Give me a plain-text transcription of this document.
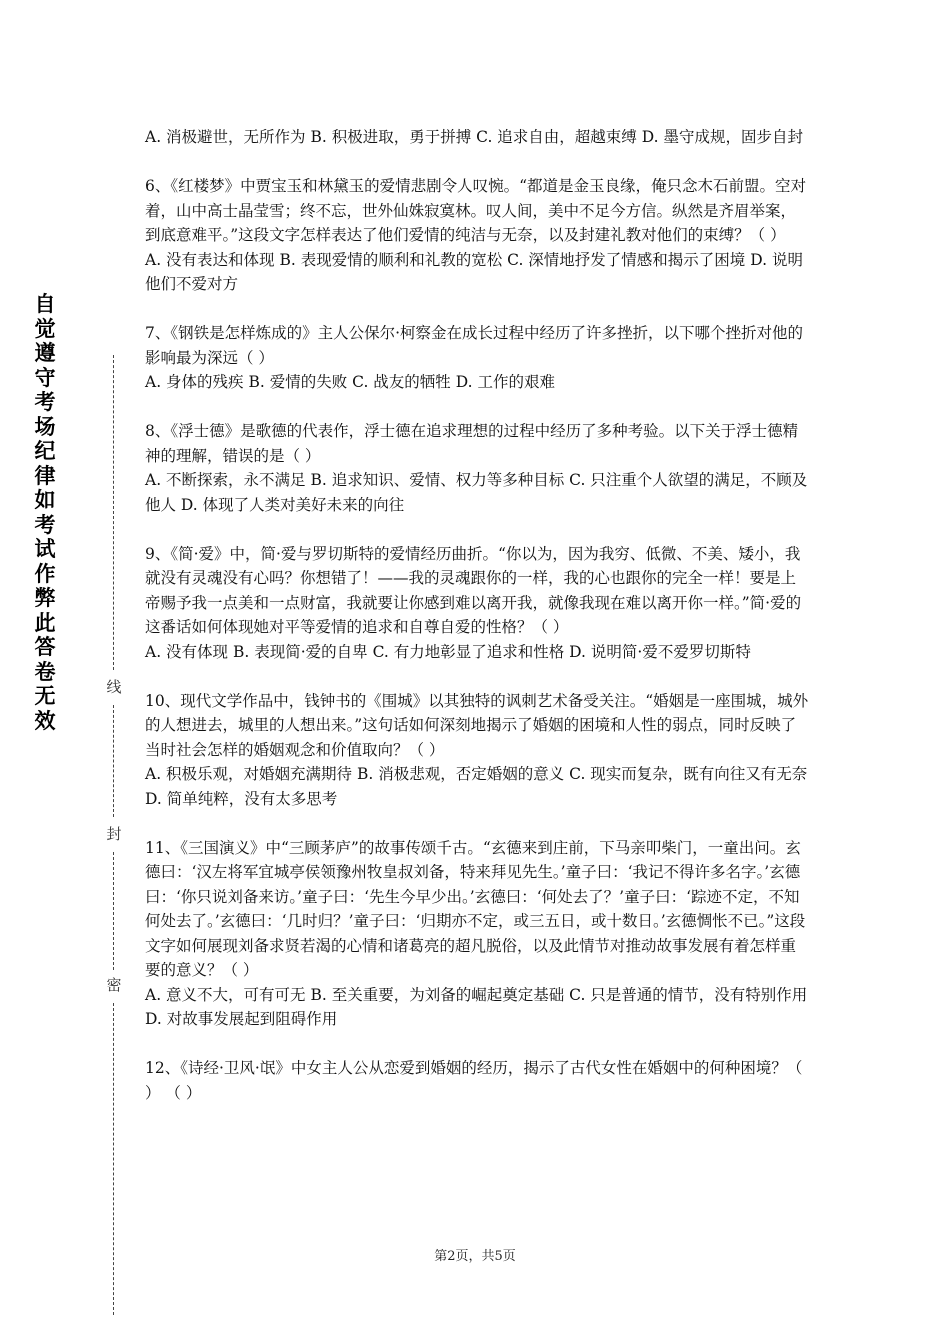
自觉遵守考场纪律如考试作弊此答卷无效
线
封
密

A. 消极避世，无所作为 B. 积极进取，勇于拼搏 C. 追求自由，超越束缚 D. 墨守成规，固步自封

6、《红楼梦》中贾宝玉和林黛玉的爱情悲剧令人叹惋。“都道是金玉良缘，俺只念木石前盟。空对着，山中高士晶莹雪；终不忘，世外仙姝寂寞林。叹人间，美中不足今方信。纵然是齐眉举案，到底意难平。”这段文字怎样表达了他们爱情的纯洁与无奈，以及封建礼教对他们的束缚？（ ）

A. 没有表达和体现 B. 表现爱情的顺利和礼教的宽松 C. 深情地抒发了情感和揭示了困境 D. 说明他们不爱对方

7、《钢铁是怎样炼成的》主人公保尔·柯察金在成长过程中经历了许多挫折，以下哪个挫折对他的影响最为深远（ ）

A. 身体的残疾 B. 爱情的失败 C. 战友的牺牲 D. 工作的艰难

8、《浮士德》是歌德的代表作，浮士德在追求理想的过程中经历了多种考验。以下关于浮士德精神的理解，错误的是（ ）

A. 不断探索，永不满足 B. 追求知识、爱情、权力等多种目标 C. 只注重个人欲望的满足，不顾及他人 D. 体现了人类对美好未来的向往

9、《简·爱》中，简·爱与罗切斯特的爱情经历曲折。“你以为，因为我穷、低微、不美、矮小，我就没有灵魂没有心吗？你想错了！——我的灵魂跟你的一样，我的心也跟你的完全一样！要是上帝赐予我一点美和一点财富，我就要让你感到难以离开我，就像我现在难以离开你一样。”简·爱的这番话如何体现她对平等爱情的追求和自尊自爱的性格？（ ）

A. 没有体现 B. 表现简·爱的自卑 C. 有力地彰显了追求和性格 D. 说明简·爱不爱罗切斯特

10、现代文学作品中，钱钟书的《围城》以其独特的讽刺艺术备受关注。“婚姻是一座围城，城外的人想进去，城里的人想出来。”这句话如何深刻地揭示了婚姻的困境和人性的弱点，同时反映了当时社会怎样的婚姻观念和价值取向？（ ）

A. 积极乐观，对婚姻充满期待 B. 消极悲观，否定婚姻的意义 C. 现实而复杂，既有向往又有无奈 D. 简单纯粹，没有太多思考

11、《三国演义》中“三顾茅庐”的故事传颂千古。“玄德来到庄前，下马亲叩柴门，一童出问。玄德曰：‘汉左将军宜城亭侯领豫州牧皇叔刘备，特来拜见先生。’童子曰：‘我记不得许多名字。’玄德曰：‘你只说刘备来访。’童子曰：‘先生今早少出。’玄德曰：‘何处去了？’童子曰：‘踪迹不定，不知何处去了。’玄德曰：‘几时归？’童子曰：‘归期亦不定，或三五日，或十数日。’玄德惆怅不已。”这段文字如何展现刘备求贤若渴的心情和诸葛亮的超凡脱俗，以及此情节对推动故事发展有着怎样重要的意义？（ ）

A. 意义不大，可有可无 B. 至关重要，为刘备的崛起奠定基础 C. 只是普通的情节，没有特别作用 D. 对故事发展起到阻碍作用

12、《诗经·卫风·氓》中女主人公从恋爱到婚姻的经历，揭示了古代女性在婚姻中的何种困境？（ ） （ ）

第2页，共5页
